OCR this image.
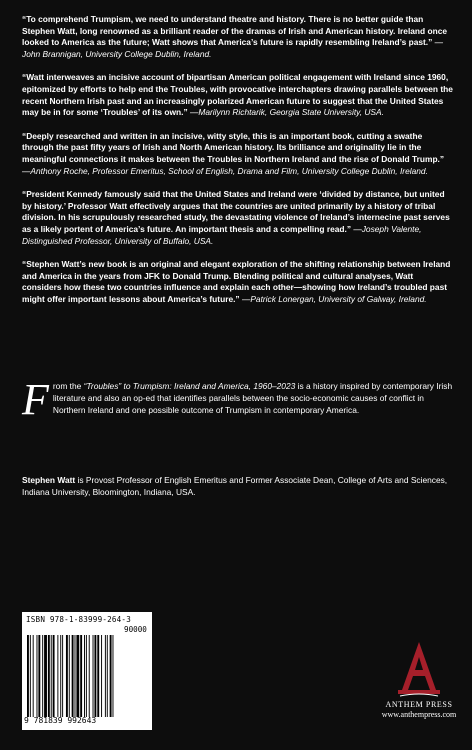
“To comprehend Trumpism, we need to understand theatre and history. There is no better guide than Stephen Watt, long renowned as a brilliant reader of the dramas of Irish and American history. Ireland once looked to America as the future; Watt shows that America’s future is rapidly resembling Ireland’s past.” —John Brannigan, University College Dublin, Ireland.

“Watt interweaves an incisive account of bipartisan American political engagement with Ireland since 1960, epitomized by efforts to help end the Troubles, with provocative interchapters drawing parallels between the recent Northern Irish past and an increasingly polarized American future to suggest that the United States may be in for some ‘Troubles’ of its own.” —Marilynn Richtarik, Georgia State University, USA.

“Deeply researched and written in an incisive, witty style, this is an important book, cutting a swathe through the past fifty years of Irish and North American history. Its brilliance and originality lie in the meaningful connections it makes between the Troubles in Northern Ireland and the rise of Donald Trump.” —Anthony Roche, Professor Emeritus, School of English, Drama and Film, University College Dublin, Ireland.

“President Kennedy famously said that the United States and Ireland were ‘divided by distance, but united by history.’ Professor Watt effectively argues that the countries are united primarily by a history of tribal division. In his scrupulously researched study, the devastating violence of Ireland’s internecine past serves as a likely portent of America’s future. An important thesis and a compelling read.” —Joseph Valente, Distinguished Professor, University of Buffalo, USA.

“Stephen Watt’s new book is an original and elegant exploration of the shifting relationship between Ireland and America in the years from JFK to Donald Trump. Blending political and cultural analyses, Watt considers how these two countries influence and explain each other—showing how Ireland’s troubled past might offer important lessons about America’s future.” —Patrick Lonergan, University of Galway, Ireland.

From the “Troubles” to Trumpism: Ireland and America, 1960–2023 is a history inspired by contemporary Irish literature and also an op-ed that identifies parallels between the socio-economic causes of conflict in Northern Ireland and one possible outcome of Trumpism in contemporary America.
Stephen Watt is Provost Professor of English Emeritus and Former Associate Dean, College of Arts and Sciences, Indiana University, Bloomington, Indiana, USA.
ISBN 978-1-83999-264-3
90000
9 781839 992643
ANTHEM PRESS
www.anthempress.com
